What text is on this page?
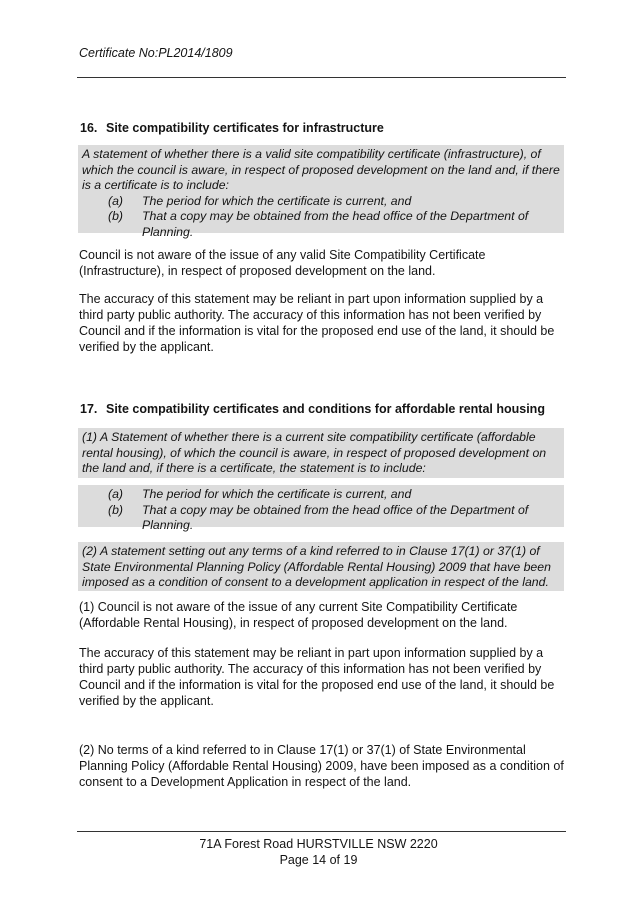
Certificate No:PL2014/1809
16. Site compatibility certificates for infrastructure
A statement of whether there is a valid site compatibility certificate (infrastructure), of which the council is aware, in respect of proposed development on the land and, if there is a certificate is to include:
(a)	The period for which the certificate is current, and
(b)	That a copy may be obtained from the head office of the Department of Planning.
Council is not aware of the issue of any valid Site Compatibility Certificate (Infrastructure), in respect of proposed development on the land.
The accuracy of this statement may be reliant in part upon information supplied by a third party public authority. The accuracy of this information has not been verified by Council and if the information is vital for the proposed end use of the land, it should be verified by the applicant.
17. Site compatibility certificates and conditions for affordable rental housing
(1) A Statement of whether there is a current site compatibility certificate (affordable rental housing), of which the council is aware, in respect of proposed development on the land and, if there is a certificate, the statement is to include:
(a)	The period for which the certificate is current, and
(b)	That a copy may be obtained from the head office of the Department of Planning.
(2) A statement setting out any terms of a kind referred to in Clause 17(1) or 37(1) of State Environmental Planning Policy (Affordable Rental Housing) 2009 that have been imposed as a condition of consent to a development application in respect of the land.
(1) Council is not aware of the issue of any current Site Compatibility Certificate (Affordable Rental Housing), in respect of proposed development on the land.
The accuracy of this statement may be reliant in part upon information supplied by a third party public authority. The accuracy of this information has not been verified by Council and if the information is vital for the proposed end use of the land, it should be verified by the applicant.
(2) No terms of a kind referred to in Clause 17(1) or 37(1) of State Environmental Planning Policy (Affordable Rental Housing) 2009, have been imposed as a condition of consent to a Development Application in respect of the land.
71A Forest Road HURSTVILLE NSW 2220
Page 14 of 19
